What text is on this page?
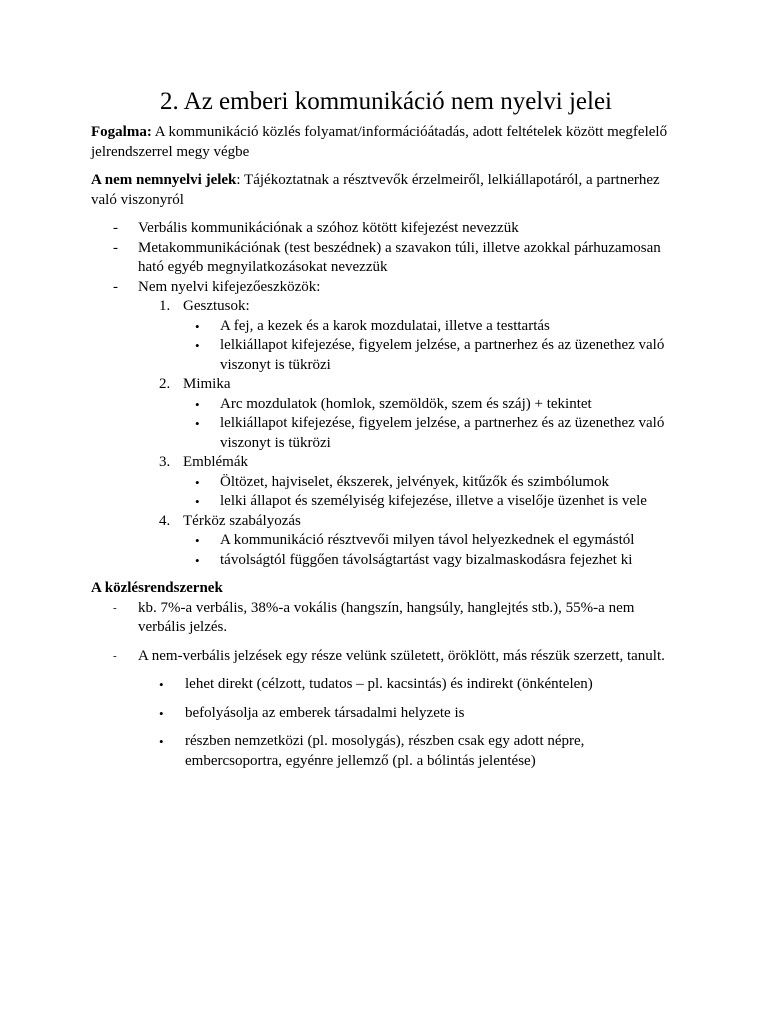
2. Az emberi kommunikáció nem nyelvi jelei

Fogalma: A kommunikáció közlés folyamat/információátadás, adott feltételek között megfelelő jelrendszerrel megy végbe

A nem nemnyelvi jelek: Tájékoztatnak a résztvevők érzelmeiről, lelkiállapotáról, a partnerhez való viszonyról

- Verbális kommunikációnak a szóhoz kötött kifejezést nevezzük
- Metakommunikációnak (test beszédnek) a szavakon túli, illetve azokkal párhuzamosan ható egyéb megnyilatkozásokat nevezzük
- Nem nyelvi kifejezőeszközök:
1. Gesztusok:
• A fej, a kezek és a karok mozdulatai, illetve a testtartás
• lelkiállapot kifejezése, figyelem jelzése, a partnerhez és az üzenethez való viszonyt is tükrözi
2. Mimika
• Arc mozdulatok (homlok, szemöldök, szem és száj) + tekintet
• lelkiállapot kifejezése, figyelem jelzése, a partnerhez és az üzenethez való viszonyt is tükrözi
3. Emblémák
• Öltözet, hajviselet, ékszerek, jelvények, kitűzők és szimbólumok
• lelki állapot és személyiség kifejezése, illetve a viselője üzenhet is vele
4. Térköz szabályozás
• A kommunikáció résztvevői milyen távol helyezkednek el egymástól
• távolságtól függően távolságtartást vagy bizalmaskodásra fejezhet ki

A közlésrendszernek

- kb. 7%-a verbális, 38%-a vokális (hangszín, hangsúly, hanglejtés stb.), 55%-a nem verbális jelzés.
- A nem-verbális jelzések egy része velünk született, öröklött, más részük szerzett, tanult.
• lehet direkt (célzott, tudatos – pl. kacsintás) és indirekt (önkéntelen)
• befolyásolja az emberek társadalmi helyzete is
• részben nemzetközi (pl. mosolygás), részben csak egy adott népre, embercsoportra, egyénre jellemző (pl. a bólintás jelentése)
